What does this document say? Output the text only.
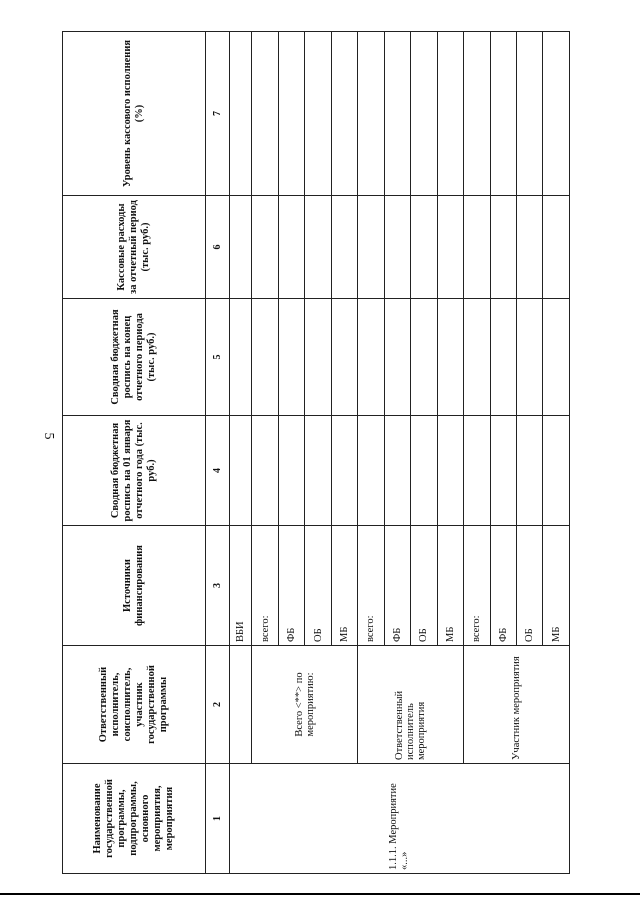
5
Наименование государственной программы, подпрограммы, основного мероприятия, мероприятия	Ответственный исполнитель, соисполнитель, участник государственной программы	Источники финансирования	Сводная бюджетная роспись на 01 января отчетного года (тыс. руб.)	Сводная бюджетная роспись на конец отчетного периода (тыс. руб.)	Кассовые расходы за отчетный период (тыс. руб.)	Уровень кассового исполнения (%)
1	2	3	4	5	6	7
1.1.1. Мероприятие «...»		ВБИ				
	Всего <**> по мероприятию:	всего:				
		ФБ				
		ОБ				
		МБ				
	Ответственный исполнитель мероприятия	всего:				
		ФБ				
		ОБ				
		МБ				
	Участник мероприятия	всего:				
		ФБ				
		ОБ				
		МБ				
